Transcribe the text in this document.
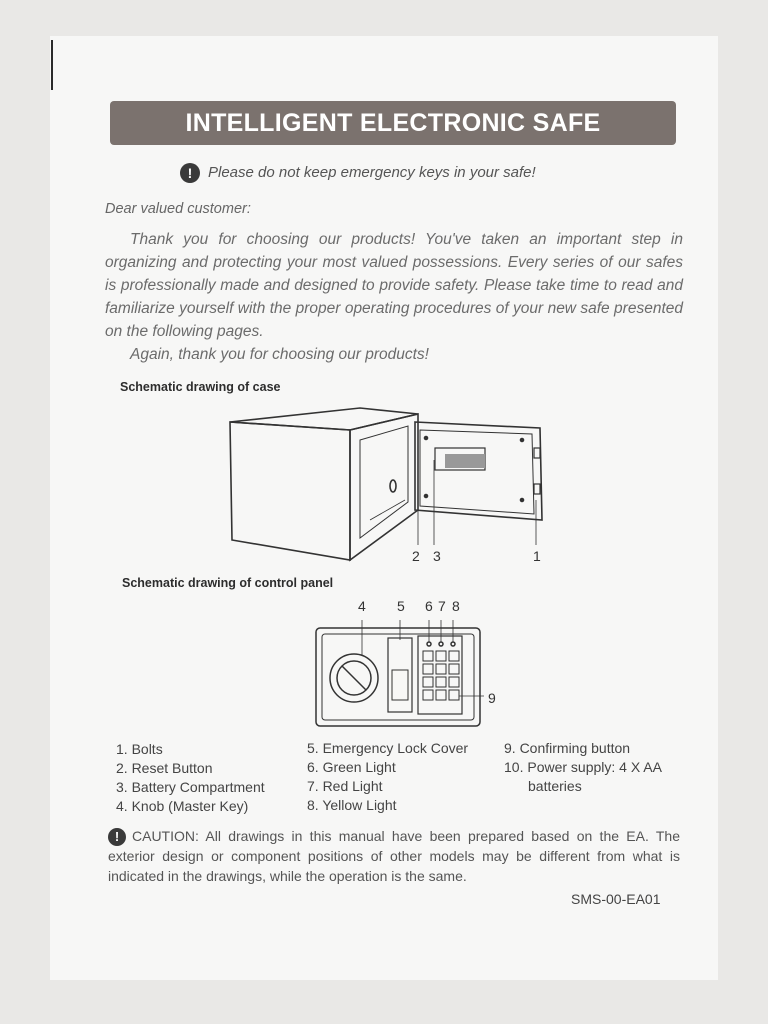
INTELLIGENT ELECTRONIC SAFE
! Please do not keep emergency keys in your safe!
Dear valued customer:
Thank you for choosing our products! You've taken an important step in organizing and protecting your most valued possessions. Every series of our safes is professionally made and designed to provide safety. Please take time to read and familiarize yourself with the proper operating procedures of your new safe presented on the following pages.
Again, thank you for choosing our products!
Schematic drawing of case
2 3	1
Schematic drawing of control panel
4 5 6 7 8
9
1. Bolts
2. Reset Button
3. Battery Compartment
4. Knob (Master Key)
5. Emergency Lock Cover
6. Green Light
7. Red Light
8. Yellow Light
9. Confirming button
10. Power supply: 4 X AA
batteries
! CAUTION: All drawings in this manual have been prepared based on the EA. The exterior design or component positions of other models may be different from what is indicated in the drawings, while the operation is the same.
SMS-00-EA01
